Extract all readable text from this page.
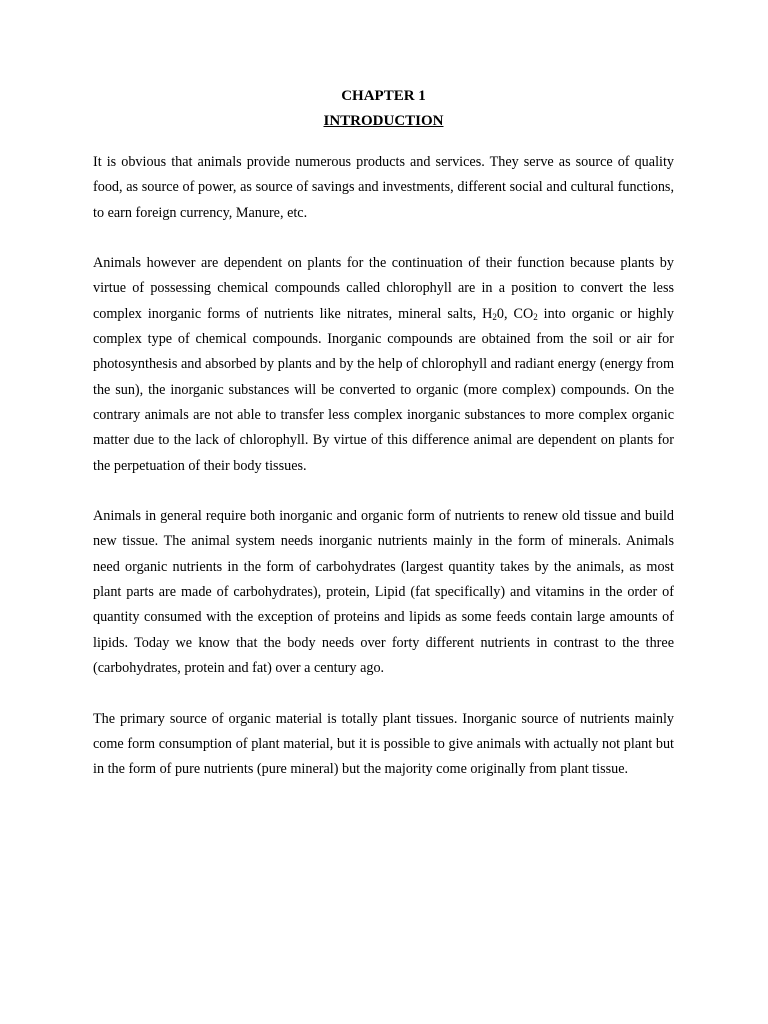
CHAPTER 1

INTRODUCTION

It is obvious that animals provide numerous products and services. They serve as source of quality food, as source of power, as source of savings and investments, different social and cultural functions, to earn foreign currency, Manure, etc.

Animals however are dependent on plants for the continuation of their function because plants by virtue of possessing chemical compounds called chlorophyll are in a position to convert the less complex inorganic forms of nutrients like nitrates, mineral salts, $H_20$, $CO_2$ into organic or highly complex type of chemical compounds. Inorganic compounds are obtained from the soil or air for photosynthesis and absorbed by plants and by the help of chlorophyll and radiant energy (energy from the sun), the inorganic substances will be converted to organic (more complex) compounds. On the contrary animals are not able to transfer less complex inorganic substances to more complex organic matter due to the lack of chlorophyll. By virtue of this difference animal are dependent on plants for the perpetuation of their body tissues.

Animals in general require both inorganic and organic form of nutrients to renew old tissue and build new tissue. The animal system needs inorganic nutrients mainly in the form of minerals. Animals need organic nutrients in the form of carbohydrates (largest quantity takes by the animals, as most plant parts are made of carbohydrates), protein, Lipid (fat specifically) and vitamins in the order of quantity consumed with the exception of proteins and lipids as some feeds contain large amounts of lipids. Today we know that the body needs over forty different nutrients in contrast to the three (carbohydrates, protein and fat) over a century ago.

The primary source of organic material is totally plant tissues. Inorganic source of nutrients mainly come form consumption of plant material, but it is possible to give animals with actually not plant but in the form of pure nutrients (pure mineral) but the majority come originally from plant tissue.
